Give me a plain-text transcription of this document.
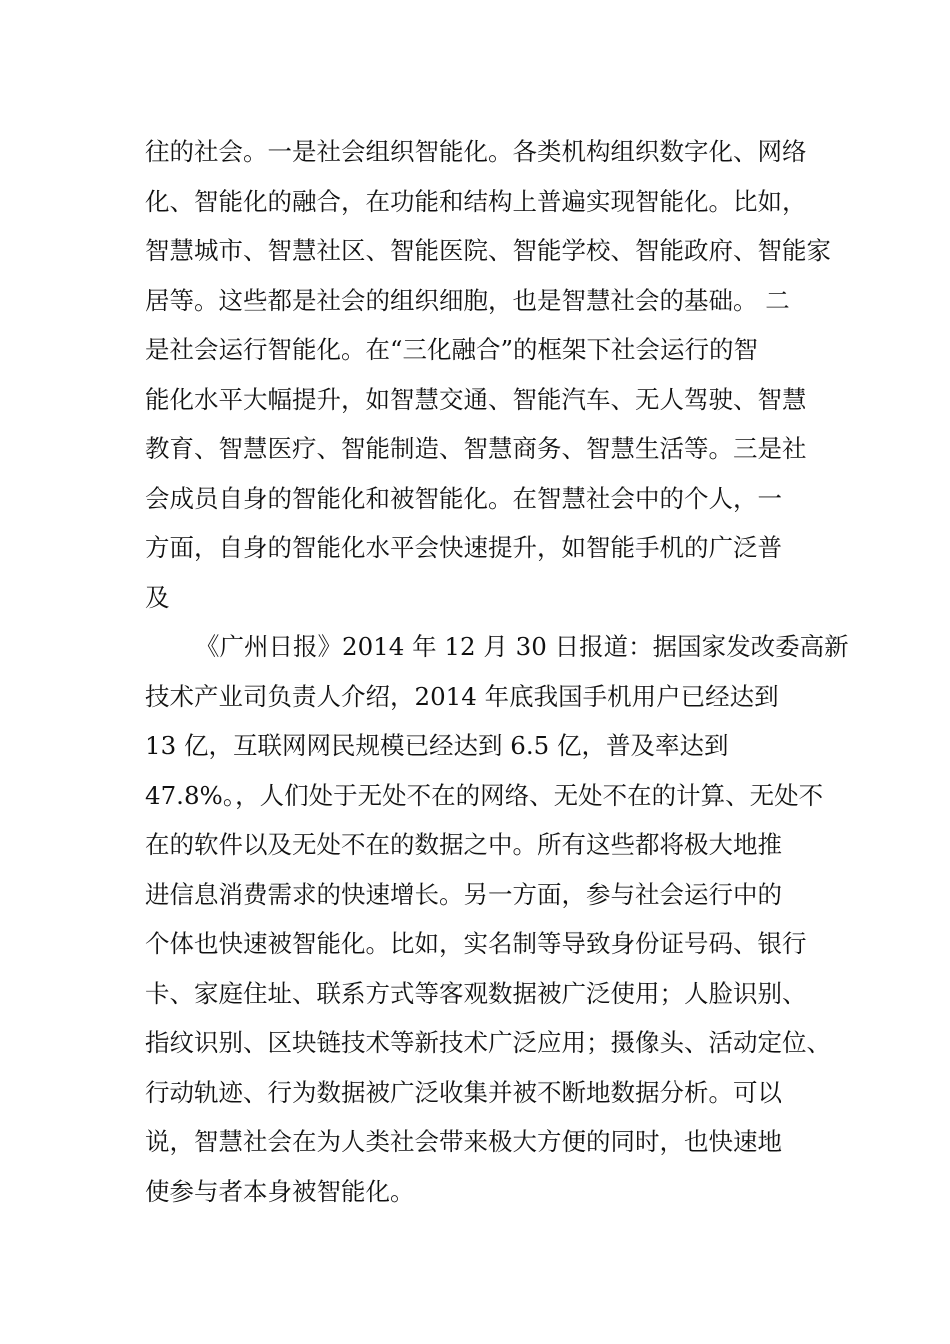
往的社会。一是社会组织智能化。各类机构组织数字化、网络
化、智能化的融合，在功能和结构上普遍实现智能化。比如，
智慧城市、智慧社区、智能医院、智能学校、智能政府、智能家
居等。这些都是社会的组织细胞，也是智慧社会的基础。 二
是社会运行智能化。在“三化融合”的框架下社会运行的智
能化水平大幅提升，如智慧交通、智能汽车、无人驾驶、智慧
教育、智慧医疗、智能制造、智慧商务、智慧生活等。三是社
会成员自身的智能化和被智能化。在智慧社会中的个人，一
方面，自身的智能化水平会快速提升，如智能手机的广泛普
及
《广州日报》2014 年 12 月 30 日报道：据国家发改委高新
技术产业司负责人介绍，2014 年底我国手机用户已经达到
13 亿，互联网网民规模已经达到 6.5 亿，普及率达到
47.8%。，人们处于无处不在的网络、无处不在的计算、无处不
在的软件以及无处不在的数据之中。所有这些都将极大地推
进信息消费需求的快速增长。另一方面，参与社会运行中的
个体也快速被智能化。比如，实名制等导致身份证号码、银行
卡、家庭住址、联系方式等客观数据被广泛使用；人脸识别、
指纹识别、区块链技术等新技术广泛应用；摄像头、活动定位、
行动轨迹、行为数据被广泛收集并被不断地数据分析。可以
说，智慧社会在为人类社会带来极大方便的同时，也快速地
使参与者本身被智能化。
